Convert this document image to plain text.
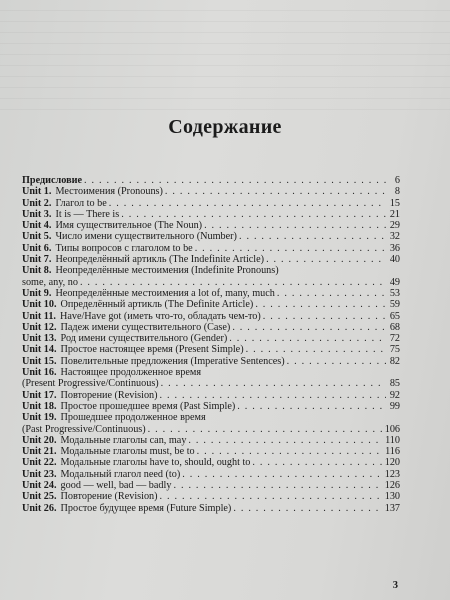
Содержание
Предисловие . . .	6
Unit 1. Местоимения (Pronouns) . . .	8
Unit 2. Глагол to be . . .	15
Unit 3. It is — There is . . .	21
Unit 4. Имя существительное (The Noun) . . .	29
Unit 5. Число имени существительного (Number) . . .	32
Unit 6. Типы вопросов с глаголом to be . . .	36
Unit 7. Неопределённый артикль (The Indefinite Article) . . .	40
Unit 8. Неопределённые местоимения (Indefinite Pronouns)
some, any, no . . .	49
Unit 9. Неопределённые местоимения a lot of, many, much . . .	53
Unit 10. Определённый артикль (The Definite Article) . . .	59
Unit 11. Have/Have got (иметь что-то, обладать чем-то) . . .	65
Unit 12. Падеж имени существительного (Case) . . .	68
Unit 13. Род имени существительного (Gender) . . .	72
Unit 14. Простое настоящее время (Present Simple) . . .	75
Unit 15. Повелительные предложения (Imperative Sentences) . . .	82
Unit 16. Настоящее продолженное время
(Present Progressive/Continuous) . . .	85
Unit 17. Повторение (Revision) . . .	92
Unit 18. Простое прошедшее время (Past Simple) . . .	99
Unit 19. Прошедшее продолженное время
(Past Progressive/Continuous) . . .	106
Unit 20. Модальные глаголы can, may . . .	110
Unit 21. Модальные глаголы must, be to . . .	116
Unit 22. Модальные глаголы have to, should, ought to . . .	120
Unit 23. Модальный глагол need (to) . . .	123
Unit 24. good — well, bad — badly . . .	126
Unit 25. Повторение (Revision) . . .	130
Unit 26. Простое будущее время (Future Simple) . . .	137
3
